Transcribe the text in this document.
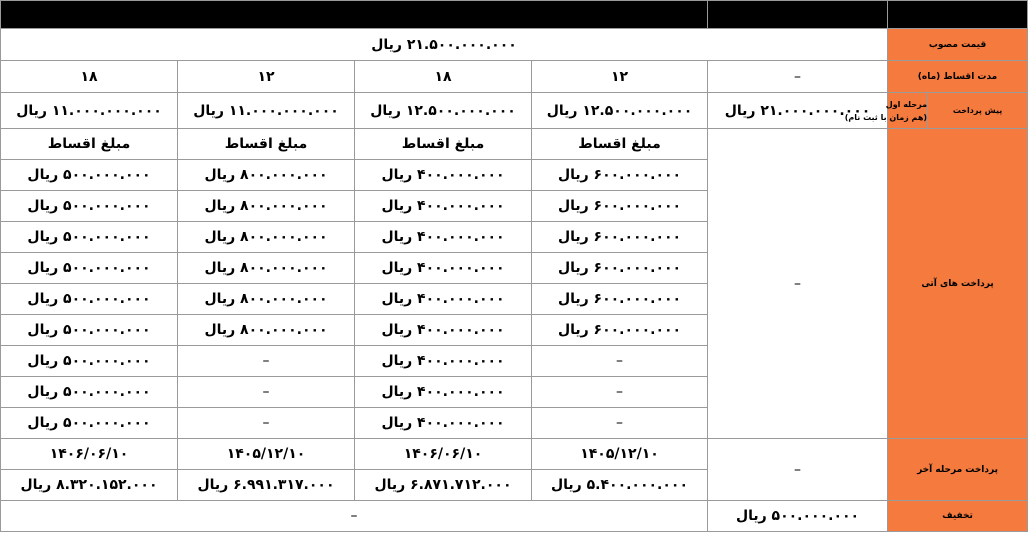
شرایط		نقدی	اقساطی			
قیمت مصوب		۲۱.۵۰۰.۰۰۰.۰۰۰ ریال				
مدت اقساط (ماه)		–	۱۲	۱۸	۱۲	۱۸
پیش پرداخت	مرحله اول
(هم زمان با ثبت نام)	۲۱.۰۰۰.۰۰۰.۰۰۰ ریال	۱۲.۵۰۰.۰۰۰.۰۰۰ ریال	۱۲.۵۰۰.۰۰۰.۰۰۰ ریال	۱۱.۰۰۰.۰۰۰.۰۰۰ ریال	۱۱.۰۰۰.۰۰۰.۰۰۰ ریال
پرداخت های آتی		–	مبلغ اقساط	مبلغ اقساط	مبلغ اقساط	مبلغ اقساط
			۶۰۰.۰۰۰.۰۰۰ ریال	۴۰۰.۰۰۰.۰۰۰ ریال	۸۰۰.۰۰۰.۰۰۰ ریال	۵۰۰.۰۰۰.۰۰۰ ریال
			۶۰۰.۰۰۰.۰۰۰ ریال	۴۰۰.۰۰۰.۰۰۰ ریال	۸۰۰.۰۰۰.۰۰۰ ریال	۵۰۰.۰۰۰.۰۰۰ ریال
			۶۰۰.۰۰۰.۰۰۰ ریال	۴۰۰.۰۰۰.۰۰۰ ریال	۸۰۰.۰۰۰.۰۰۰ ریال	۵۰۰.۰۰۰.۰۰۰ ریال
			۶۰۰.۰۰۰.۰۰۰ ریال	۴۰۰.۰۰۰.۰۰۰ ریال	۸۰۰.۰۰۰.۰۰۰ ریال	۵۰۰.۰۰۰.۰۰۰ ریال
			۶۰۰.۰۰۰.۰۰۰ ریال	۴۰۰.۰۰۰.۰۰۰ ریال	۸۰۰.۰۰۰.۰۰۰ ریال	۵۰۰.۰۰۰.۰۰۰ ریال
			۶۰۰.۰۰۰.۰۰۰ ریال	۴۰۰.۰۰۰.۰۰۰ ریال	۸۰۰.۰۰۰.۰۰۰ ریال	۵۰۰.۰۰۰.۰۰۰ ریال
			–	۴۰۰.۰۰۰.۰۰۰ ریال	–	۵۰۰.۰۰۰.۰۰۰ ریال
			–	۴۰۰.۰۰۰.۰۰۰ ریال	–	۵۰۰.۰۰۰.۰۰۰ ریال
			–	۴۰۰.۰۰۰.۰۰۰ ریال	–	۵۰۰.۰۰۰.۰۰۰ ریال
پرداخت مرحله آخر		–	۱۴۰۵/۱۲/۱۰	۱۴۰۶/۰۶/۱۰	۱۴۰۵/۱۲/۱۰	۱۴۰۶/۰۶/۱۰
			۵.۴۰۰.۰۰۰.۰۰۰ ریال	۶.۸۷۱.۷۱۲.۰۰۰ ریال	۶.۹۹۱.۳۱۷.۰۰۰ ریال	۸.۳۲۰.۱۵۲.۰۰۰ ریال
تخفیف		۵۰۰.۰۰۰.۰۰۰ ریال	–			
